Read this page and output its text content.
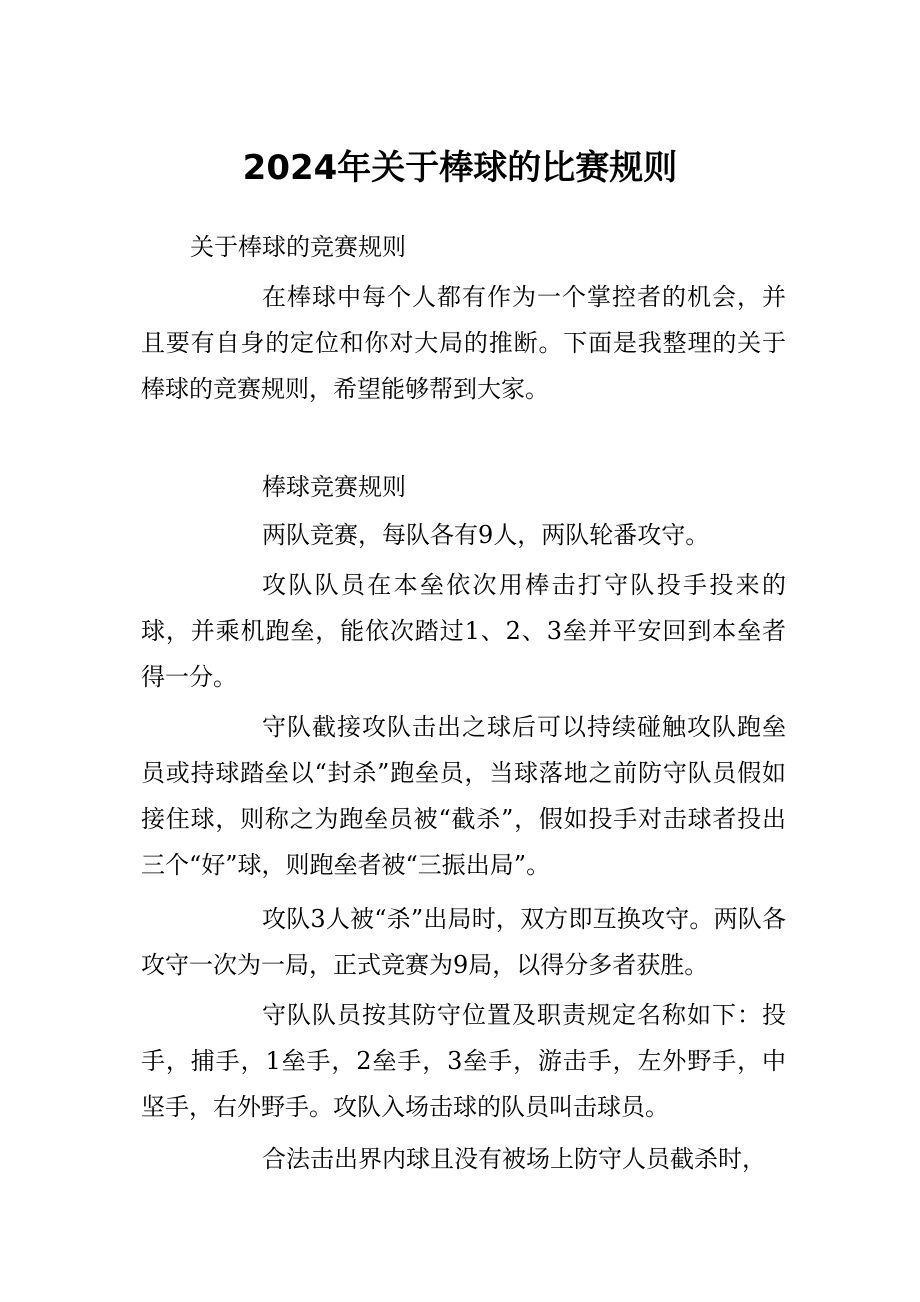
2024年关于棒球的比赛规则
关于棒球的竞赛规则

在棒球中每个人都有作为一个掌控者的机会，并且要有自身的定位和你对大局的推断。下面是我整理的关于棒球的竞赛规则，希望能够帮到大家。

棒球竞赛规则

两队竞赛，每队各有9人，两队轮番攻守。

攻队队员在本垒依次用棒击打守队投手投来的球，并乘机跑垒，能依次踏过1、2、3垒并平安回到本垒者得一分。

守队截接攻队击出之球后可以持续碰触攻队跑垒员或持球踏垒以“封杀”跑垒员，当球落地之前防守队员假如接住球，则称之为跑垒员被“截杀”，假如投手对击球者投出三个“好”球，则跑垒者被“三振出局”。

攻队3人被“杀”出局时，双方即互换攻守。两队各攻守一次为一局，正式竞赛为9局，以得分多者获胜。

守队队员按其防守位置及职责规定名称如下：投手，捕手，1垒手，2垒手，3垒手，游击手，左外野手，中坚手，右外野手。攻队入场击球的队员叫击球员。

合法击出界内球且没有被场上防守人员截杀时，
